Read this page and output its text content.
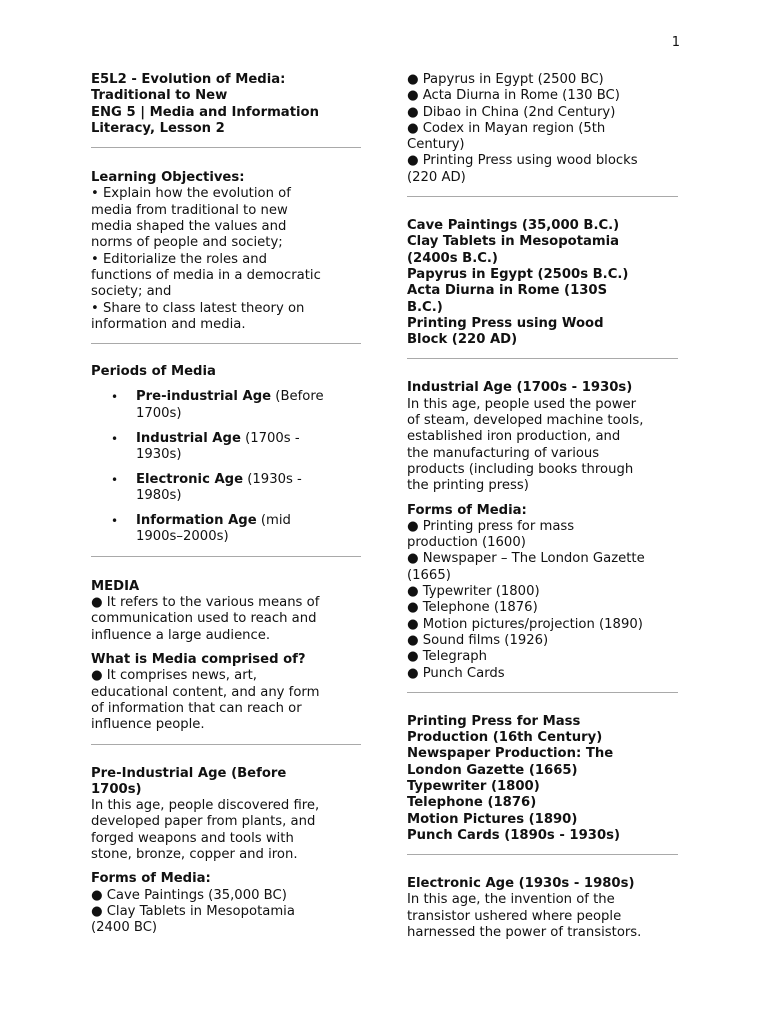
1
E5L2 - Evolution of Media:
Traditional to New
ENG 5 | Media and Information
Literacy, Lesson 2
Learning Objectives:
• Explain how the evolution of
media from traditional to new
media shaped the values and
norms of people and society;
• Editorialize the roles and
functions of media in a democratic
society; and
• Share to class latest theory on
information and media.
Periods of Media
• Pre-industrial Age (Before
1700s)
• Industrial Age (1700s -
1930s)
• Electronic Age (1930s -
1980s)
• Information Age (mid
1900s–2000s)
MEDIA
● It refers to the various means of
communication used to reach and
influence a large audience.
What is Media comprised of?
● It comprises news, art,
educational content, and any form
of information that can reach or
influence people.
Pre-Industrial Age (Before
1700s)
In this age, people discovered fire,
developed paper from plants, and
forged weapons and tools with
stone, bronze, copper and iron.
Forms of Media:
● Cave Paintings (35,000 BC)
● Clay Tablets in Mesopotamia
(2400 BC)
● Papyrus in Egypt (2500 BC)
● Acta Diurna in Rome (130 BC)
● Dibao in China (2nd Century)
● Codex in Mayan region (5th
Century)
● Printing Press using wood blocks
(220 AD)
Cave Paintings (35,000 B.C.)
Clay Tablets in Mesopotamia
(2400s B.C.)
Papyrus in Egypt (2500s B.C.)
Acta Diurna in Rome (130S
B.C.)
Printing Press using Wood
Block (220 AD)
Industrial Age (1700s - 1930s)
In this age, people used the power
of steam, developed machine tools,
established iron production, and
the manufacturing of various
products (including books through
the printing press)
Forms of Media:
● Printing press for mass
production (1600)
● Newspaper – The London Gazette
(1665)
● Typewriter (1800)
● Telephone (1876)
● Motion pictures/projection (1890)
● Sound films (1926)
● Telegraph
● Punch Cards
Printing Press for Mass
Production (16th Century)
Newspaper Production: The
London Gazette (1665)
Typewriter (1800)
Telephone (1876)
Motion Pictures (1890)
Punch Cards (1890s - 1930s)
Electronic Age (1930s - 1980s)
In this age, the invention of the
transistor ushered where people
harnessed the power of transistors.
